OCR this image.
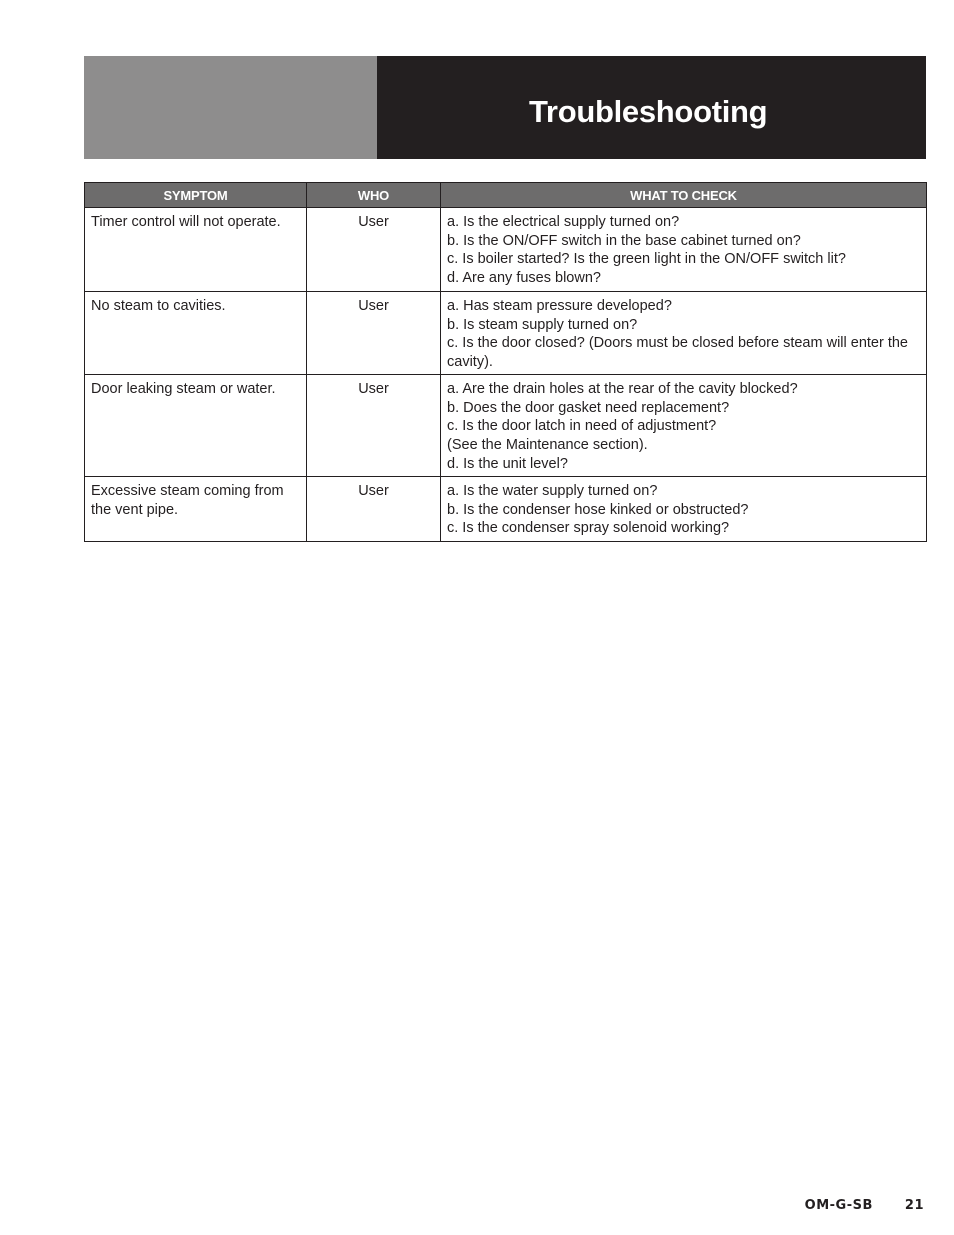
Troubleshooting
SYMPTOM	WHO	WHAT TO CHECK
Timer control will not operate.	User	a. Is the electrical supply turned on?
b. Is the ON/OFF switch in the base cabinet turned on?
c. Is boiler started? Is the green light in the ON/OFF switch lit?
d. Are any fuses blown?

No steam to cavities.	User	a. Has steam pressure developed?
b. Is steam supply turned on?
c. Is the door closed? (Doors must be closed before steam will enter the cavity).

Door leaking steam or water.	User	a. Are the drain holes at the rear of the cavity blocked?
b. Does the door gasket need replacement?
c. Is the door latch in need of adjustment?
(See the Maintenance section).
d. Is the unit level?

Excessive steam coming from the vent pipe.	User	a. Is the water supply turned on?
b. Is the condenser hose kinked or obstructed?
c. Is the condenser spray solenoid working?
OM-G-SB 21
